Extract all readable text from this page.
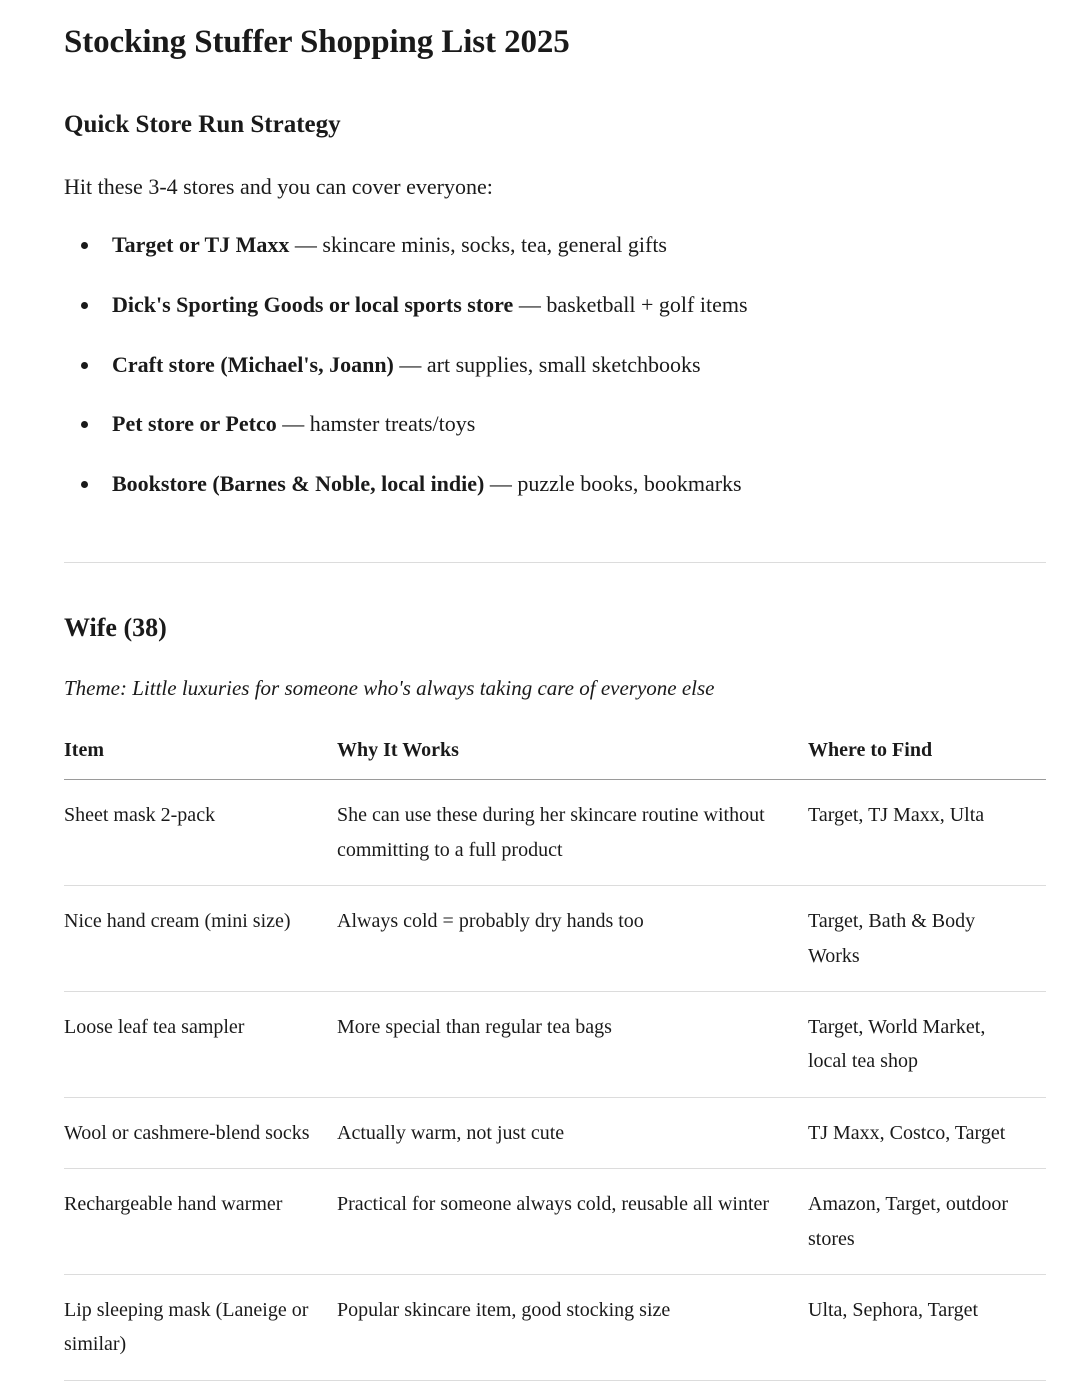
Stocking Stuffer Shopping List 2025
Quick Store Run Strategy

Hit these 3-4 stores and you can cover everyone:

Target or TJ Maxx — skincare minis, socks, tea, general gifts
Dick's Sporting Goods or local sports store — basketball + golf items
Craft store (Michael's, Joann) — art supplies, small sketchbooks
Pet store or Petco — hamster treats/toys
Bookstore (Barnes & Noble, local indie) — puzzle books, bookmarks
Wife (38)

Theme: Little luxuries for someone who's always taking care of everyone else

Item	Why It Works	Where to Find
Sheet mask 2-pack	She can use these during her skincare routine without committing to a full product	Target, TJ Maxx, Ulta
Nice hand cream (mini size)	Always cold = probably dry hands too	Target, Bath & Body Works
Loose leaf tea sampler	More special than regular tea bags	Target, World Market, local tea shop
Wool or cashmere-blend socks	Actually warm, not just cute	TJ Maxx, Costco, Target
Rechargeable hand warmer	Practical for someone always cold, reusable all winter	Amazon, Target, outdoor stores
Lip sleeping mask (Laneige or similar)	Popular skincare item, good stocking size	Ulta, Sephora, Target
